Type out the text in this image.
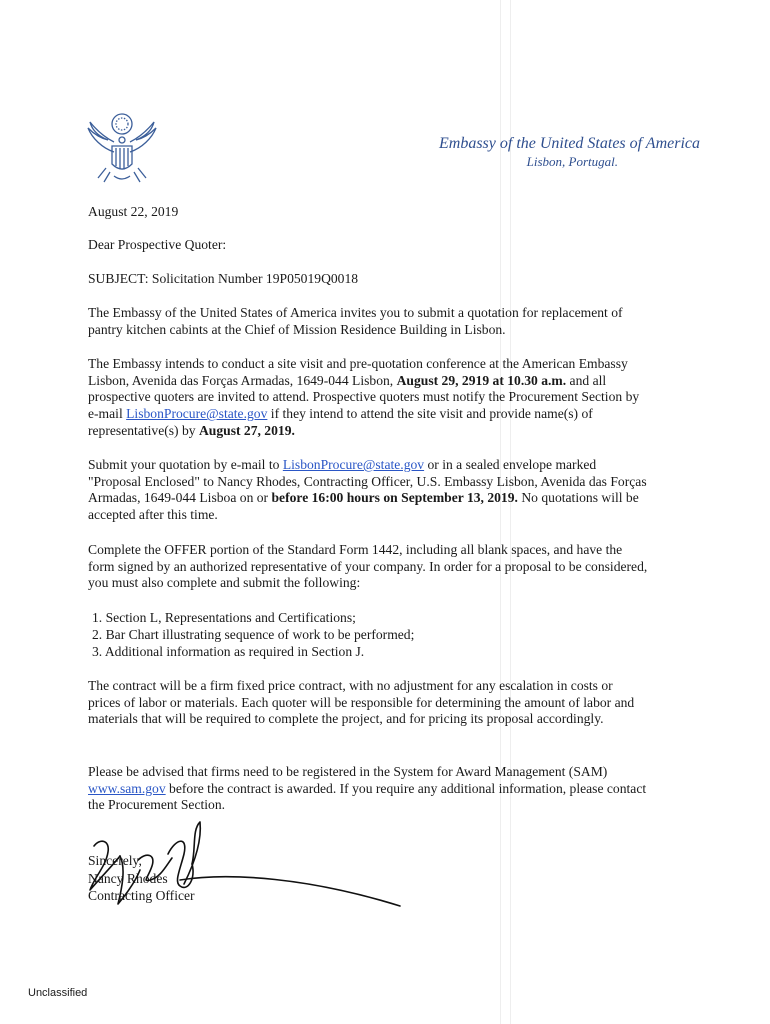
Embassy of the United States of America
Lisbon, Portugal.
August 22, 2019
Dear Prospective Quoter:
SUBJECT: Solicitation Number 19P05019Q0018
The Embassy of the United States of America invites you to submit a quotation for replacement of pantry kitchen cabints at the Chief of Mission Residence Building in Lisbon.

The Embassy intends to conduct a site visit and pre-quotation conference at the American Embassy Lisbon, Avenida das Forças Armadas, 1649-044 Lisbon, August 29, 2919 at 10.30 a.m. and all prospective quoters are invited to attend. Prospective quoters must notify the Procurement Section by e-mail LisbonProcure@state.gov if they intend to attend the site visit and provide name(s) of representative(s) by August 27, 2019.

Submit your quotation by e-mail to LisbonProcure@state.gov or in a sealed envelope marked "Proposal Enclosed" to Nancy Rhodes, Contracting Officer, U.S. Embassy Lisbon, Avenida das Forças Armadas, 1649-044 Lisboa on or before 16:00 hours on September 13, 2019. No quotations will be accepted after this time.

Complete the OFFER portion of the Standard Form 1442, including all blank spaces, and have the form signed by an authorized representative of your company. In order for a proposal to be considered, you must also complete and submit the following:
1. Section L, Representations and Certifications;
2. Bar Chart illustrating sequence of work to be performed;
3. Additional information as required in Section J.
The contract will be a firm fixed price contract, with no adjustment for any escalation in costs or prices of labor or materials. Each quoter will be responsible for determining the amount of labor and materials that will be required to complete the project, and for pricing its proposal accordingly.

Please be advised that firms need to be registered in the System for Award Management (SAM) www.sam.gov before the contract is awarded. If you require any additional information, please contact the Procurement Section.

Sincerely,
Nancy Rhodes
Contracting Officer
Unclassified
